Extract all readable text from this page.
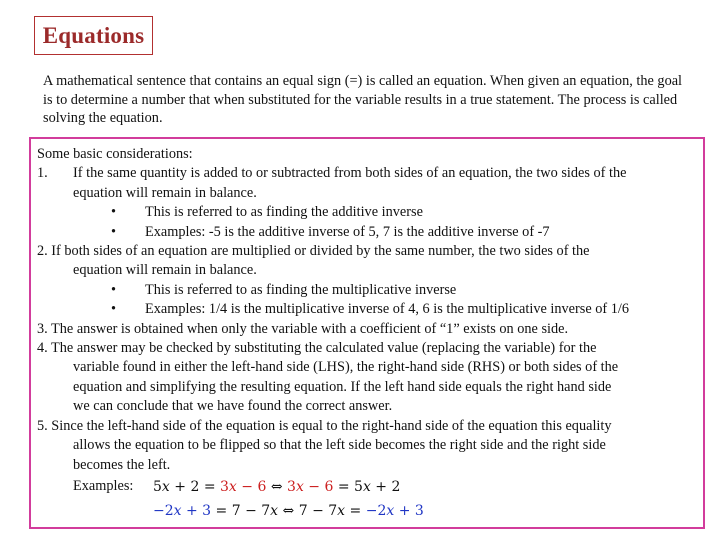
Equations
A mathematical sentence that contains an equal sign (=) is called an equation. When given an equation, the goal is to determine a number that when substituted for the variable results in a true statement. The process is called solving the equation.
Some basic considerations:
1. If the same quantity is added to or subtracted from both sides of an equation, the two sides of the
equation will remain in balance.
• This is referred to as finding the additive inverse
• Examples: -5 is the additive inverse of 5, 7 is the additive inverse of -7
2. If both sides of an equation are multiplied or divided by the same number, the two sides of the
equation will remain in balance.
• This is referred to as finding the multiplicative inverse
• Examples: 1/4 is the multiplicative inverse of 4, 6 is the multiplicative inverse of 1/6
3. The answer is obtained when only the variable with a coefficient of “1” exists on one side.
4. The answer may be checked by substituting the calculated value (replacing the variable) for the
variable found in either the left-hand side (LHS), the right-hand side (RHS) or both sides of the
equation and simplifying the resulting equation. If the left hand side equals the right hand side
we can conclude that we have found the correct answer.
5. Since the left-hand side of the equation is equal to the right-hand side of the equation this equality
allows the equation to be flipped so that the left side becomes the right side and the right side
becomes the left.
Examples: 5x + 2 = 3x − 6 ⇔ 3x − 6 = 5x + 2
−2x + 3 = 7 − 7x ⇔ 7 − 7x = −2x + 3
